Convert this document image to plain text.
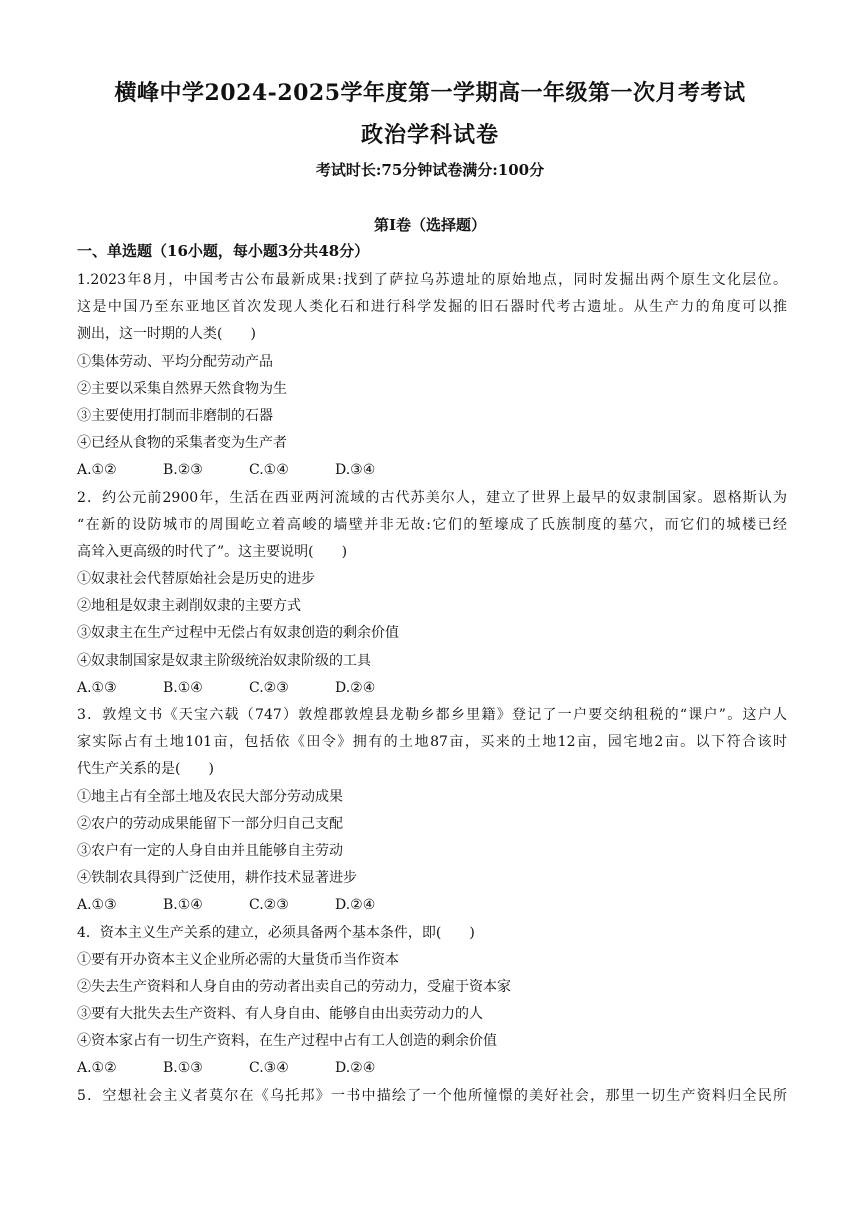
横峰中学2024-2025学年度第一学期高一年级第一次月考考试
政治学科试卷
考试时长:75分钟试卷满分:100分
第Ⅰ卷（选择题）
一、单选题（16小题，每小题3分共48分）
1.2023年8月，中国考古公布最新成果:找到了萨拉乌苏遗址的原始地点，同时发掘出两个原生文化层位。
这是中国乃至东亚地区首次发现人类化石和进行科学发掘的旧石器时代考古遗址。从生产力的角度可以推
测出，这一时期的人类(　　)
①集体劳动、平均分配劳动产品
②主要以采集自然界天然食物为生
③主要使用打制而非磨制的石器
④已经从食物的采集者变为生产者
A.①②	B.②③	C.①④	D.③④
2．约公元前2900年，生活在西亚两河流域的古代苏美尔人，建立了世界上最早的奴隶制国家。恩格斯认为
“在新的设防城市的周围屹立着高峻的墙壁并非无故:它们的堑壕成了氏族制度的墓穴，而它们的城楼已经
高耸入更高级的时代了”。这主要说明(　　)
①奴隶社会代替原始社会是历史的进步
②地租是奴隶主剥削奴隶的主要方式
③奴隶主在生产过程中无偿占有奴隶创造的剩余价值
④奴隶制国家是奴隶主阶级统治奴隶阶级的工具
A.①③	B.①④	C.②③	D.②④
3．敦煌文书《天宝六载（747）敦煌郡敦煌县龙勒乡都乡里籍》登记了一户要交纳租税的“课户”。这户人
家实际占有土地101亩，包括依《田令》拥有的土地87亩，买来的土地12亩，园宅地2亩。以下符合该时
代生产关系的是(　　)
①地主占有全部土地及农民大部分劳动成果
②农户的劳动成果能留下一部分归自己支配
③农户有一定的人身自由并且能够自主劳动
④铁制农具得到广泛使用，耕作技术显著进步
A.①③	B.①④	C.②③	D.②④
4．资本主义生产关系的建立，必须具备两个基本条件，即(　　)
①要有开办资本主义企业所必需的大量货币当作资本
②失去生产资料和人身自由的劳动者出卖自己的劳动力，受雇于资本家
③要有大批失去生产资料、有人身自由、能够自由出卖劳动力的人
④资本家占有一切生产资料，在生产过程中占有工人创造的剩余价值
A.①②	B.①③	C.③④	D.②④
5．空想社会主义者莫尔在《乌托邦》一书中描绘了一个他所憧憬的美好社会，那里一切生产资料归全民所
